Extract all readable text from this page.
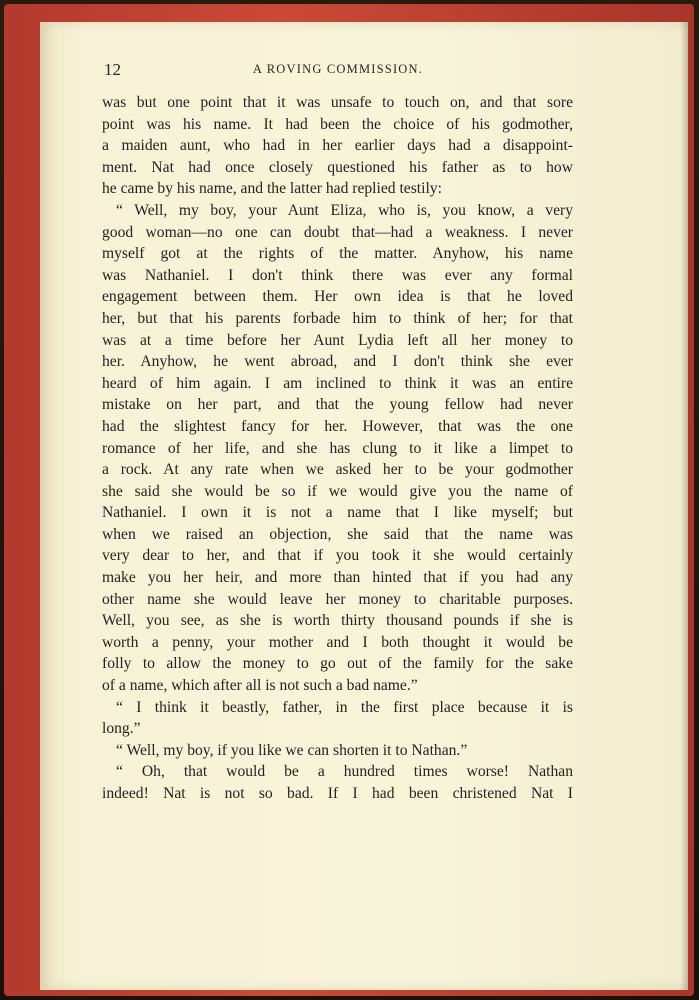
12	A ROVING COMMISSION.
was but one point that it was unsafe to touch on, and that sore
point was his name. It had been the choice of his godmother,
a maiden aunt, who had in her earlier days had a disappoint-
ment. Nat had once closely questioned his father as to how
he came by his name, and the latter had replied testily:
“ Well, my boy, your Aunt Eliza, who is, you know, a very
good woman—no one can doubt that—had a weakness. I never
myself got at the rights of the matter. Anyhow, his name
was Nathaniel. I don't think there was ever any formal
engagement between them. Her own idea is that he loved
her, but that his parents forbade him to think of her; for that
was at a time before her Aunt Lydia left all her money to
her. Anyhow, he went abroad, and I don't think she ever
heard of him again. I am inclined to think it was an entire
mistake on her part, and that the young fellow had never
had the slightest fancy for her. However, that was the one
romance of her life, and she has clung to it like a limpet to
a rock. At any rate when we asked her to be your godmother
she said she would be so if we would give you the name of
Nathaniel. I own it is not a name that I like myself; but
when we raised an objection, she said that the name was
very dear to her, and that if you took it she would certainly
make you her heir, and more than hinted that if you had any
other name she would leave her money to charitable purposes.
Well, you see, as she is worth thirty thousand pounds if she is
worth a penny, your mother and I both thought it would be
folly to allow the money to go out of the family for the sake
of a name, which after all is not such a bad name.”
“ I think it beastly, father, in the first place because it is
long.”
“ Well, my boy, if you like we can shorten it to Nathan.”
“ Oh, that would be a hundred times worse! Nathan
indeed! Nat is not so bad. If I had been christened Nat I
